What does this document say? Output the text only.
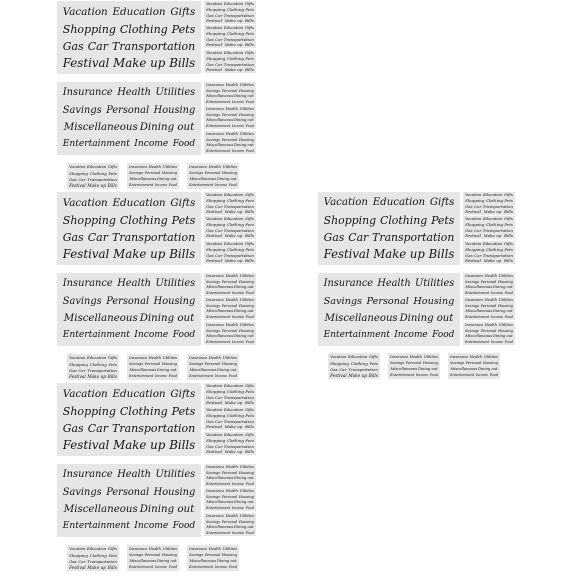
Vacation Education Gifts
Shopping Clothing Pets
Gas Car Transportation
Festival Make up Bills
Vacation Education Gifts
Shopping Clothing Pets
Gas Car Transportation
Festival Make up Bills
Vacation Education Gifts
Shopping Clothing Pets
Gas Car Transportation
Festival Make up Bills
Vacation Education Gifts
Shopping Clothing Pets
Gas Car Transportation
Festival Make up Bills
Insurance Health Utilities
Savings Personal Housing
Miscellaneous Dining out
Entertainment Income Food
Insurance Health Utilities
Savings Personal Housing
Miscellaneous Dining out
Entertainment Income Food
Insurance Health Utilities
Savings Personal Housing
Miscellaneous Dining out
Entertainment Income Food
Insurance Health Utilities
Savings Personal Housing
Miscellaneous Dining out
Entertainment Income Food
Vacation Education Gifts
Shopping Clothing Pets
Gas Car Transportation
Festival Make up Bills
Insurance Health Utilities
Savings Personal Housing
Miscellaneous Dining out
Entertainment Income Food
Insurance Health Utilities
Savings Personal Housing
Miscellaneous Dining out
Entertainment Income Food
Vacation Education Gifts
Shopping Clothing Pets
Gas Car Transportation
Festival Make up Bills
Vacation Education Gifts
Shopping Clothing Pets
Gas Car Transportation
Festival Make up Bills
Vacation Education Gifts
Shopping Clothing Pets
Gas Car Transportation
Festival Make up Bills
Vacation Education Gifts
Shopping Clothing Pets
Gas Car Transportation
Festival Make up Bills
Insurance Health Utilities
Savings Personal Housing
Miscellaneous Dining out
Entertainment Income Food
Insurance Health Utilities
Savings Personal Housing
Miscellaneous Dining out
Entertainment Income Food
Insurance Health Utilities
Savings Personal Housing
Miscellaneous Dining out
Entertainment Income Food
Insurance Health Utilities
Savings Personal Housing
Miscellaneous Dining out
Entertainment Income Food
Vacation Education Gifts
Shopping Clothing Pets
Gas Car Transportation
Festival Make up Bills
Insurance Health Utilities
Savings Personal Housing
Miscellaneous Dining out
Entertainment Income Food
Insurance Health Utilities
Savings Personal Housing
Miscellaneous Dining out
Entertainment Income Food
Vacation Education Gifts
Shopping Clothing Pets
Gas Car Transportation
Festival Make up Bills
Vacation Education Gifts
Shopping Clothing Pets
Gas Car Transportation
Festival Make up Bills
Vacation Education Gifts
Shopping Clothing Pets
Gas Car Transportation
Festival Make up Bills
Vacation Education Gifts
Shopping Clothing Pets
Gas Car Transportation
Festival Make up Bills
Insurance Health Utilities
Savings Personal Housing
Miscellaneous Dining out
Entertainment Income Food
Insurance Health Utilities
Savings Personal Housing
Miscellaneous Dining out
Entertainment Income Food
Insurance Health Utilities
Savings Personal Housing
Miscellaneous Dining out
Entertainment Income Food
Insurance Health Utilities
Savings Personal Housing
Miscellaneous Dining out
Entertainment Income Food
Vacation Education Gifts
Shopping Clothing Pets
Gas Car Transportation
Festival Make up Bills
Insurance Health Utilities
Savings Personal Housing
Miscellaneous Dining out
Entertainment Income Food
Insurance Health Utilities
Savings Personal Housing
Miscellaneous Dining out
Entertainment Income Food
Vacation Education Gifts
Shopping Clothing Pets
Gas Car Transportation
Festival Make up Bills
Vacation Education Gifts
Shopping Clothing Pets
Gas Car Transportation
Festival Make up Bills
Vacation Education Gifts
Shopping Clothing Pets
Gas Car Transportation
Festival Make up Bills
Vacation Education Gifts
Shopping Clothing Pets
Gas Car Transportation
Festival Make up Bills
Insurance Health Utilities
Savings Personal Housing
Miscellaneous Dining out
Entertainment Income Food
Insurance Health Utilities
Savings Personal Housing
Miscellaneous Dining out
Entertainment Income Food
Insurance Health Utilities
Savings Personal Housing
Miscellaneous Dining out
Entertainment Income Food
Insurance Health Utilities
Savings Personal Housing
Miscellaneous Dining out
Entertainment Income Food
Vacation Education Gifts
Shopping Clothing Pets
Gas Car Transportation
Festival Make up Bills
Insurance Health Utilities
Savings Personal Housing
Miscellaneous Dining out
Entertainment Income Food
Insurance Health Utilities
Savings Personal Housing
Miscellaneous Dining out
Entertainment Income Food
